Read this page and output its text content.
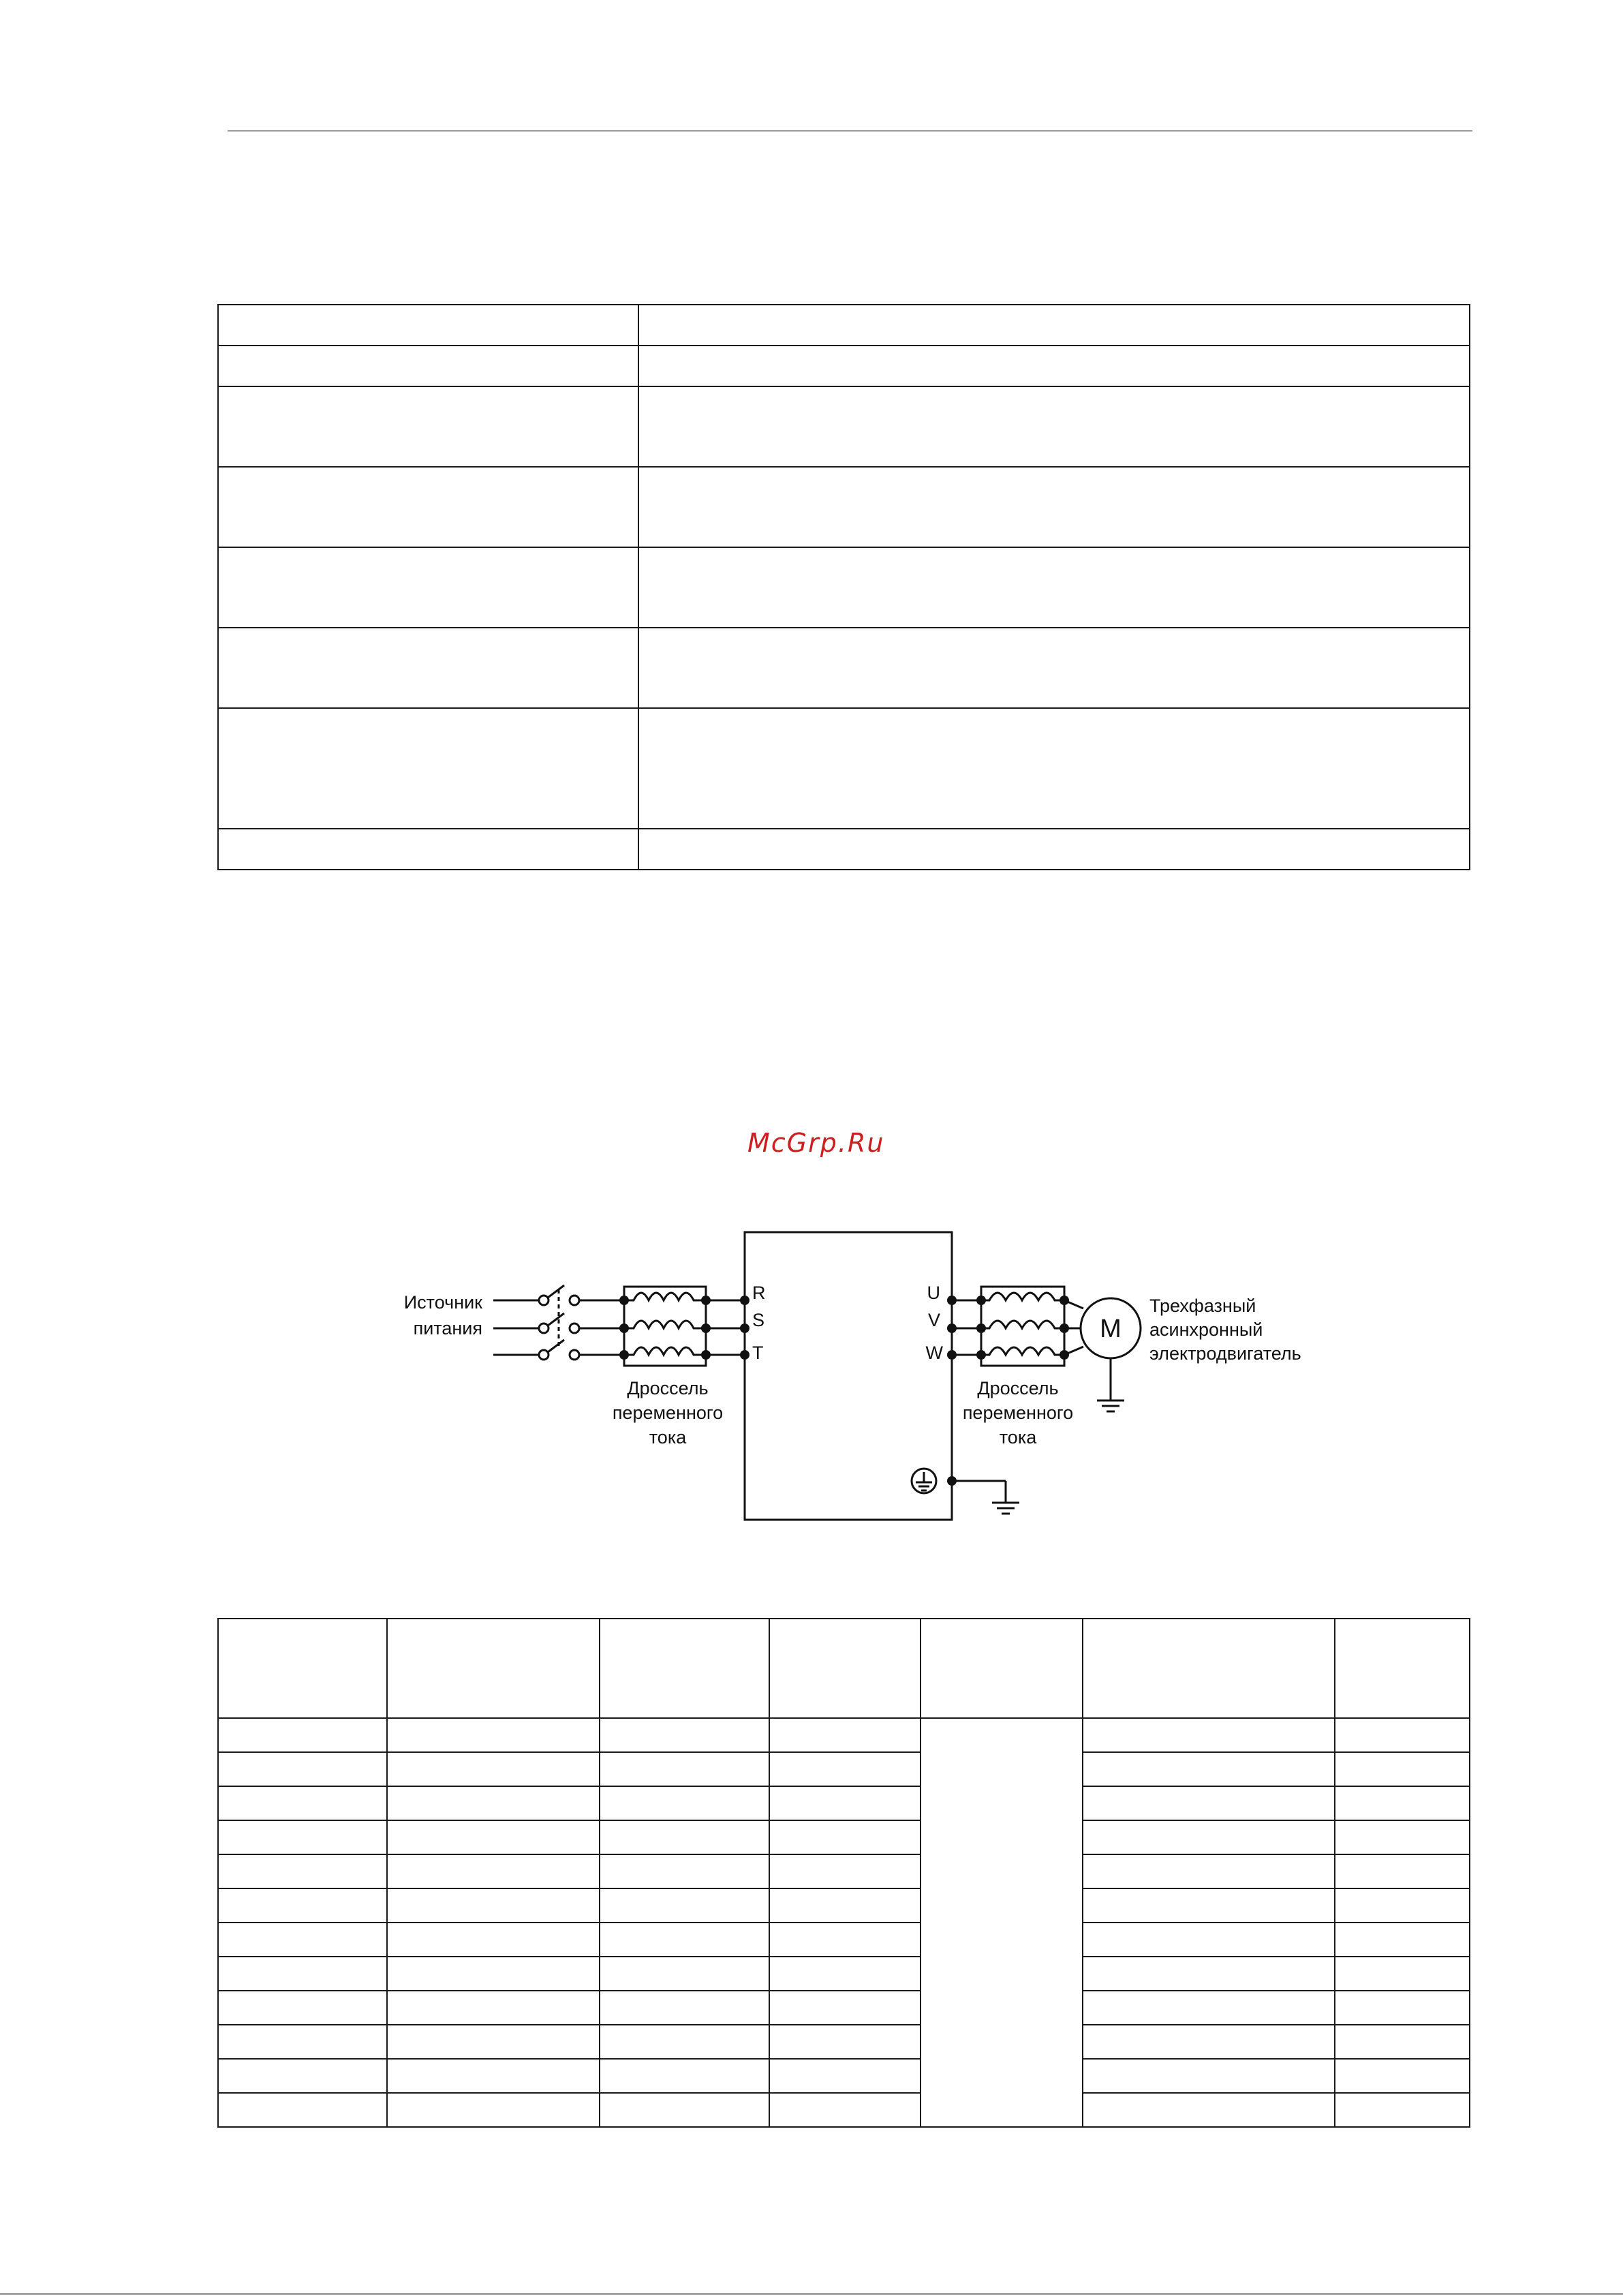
McGrp.Ru
Источник
питания
R
S
T
U
V
W
Дроссель
переменного
тока
Дроссель
переменного
тока
M
Трехфазный
асинхронный
электродвигатель
